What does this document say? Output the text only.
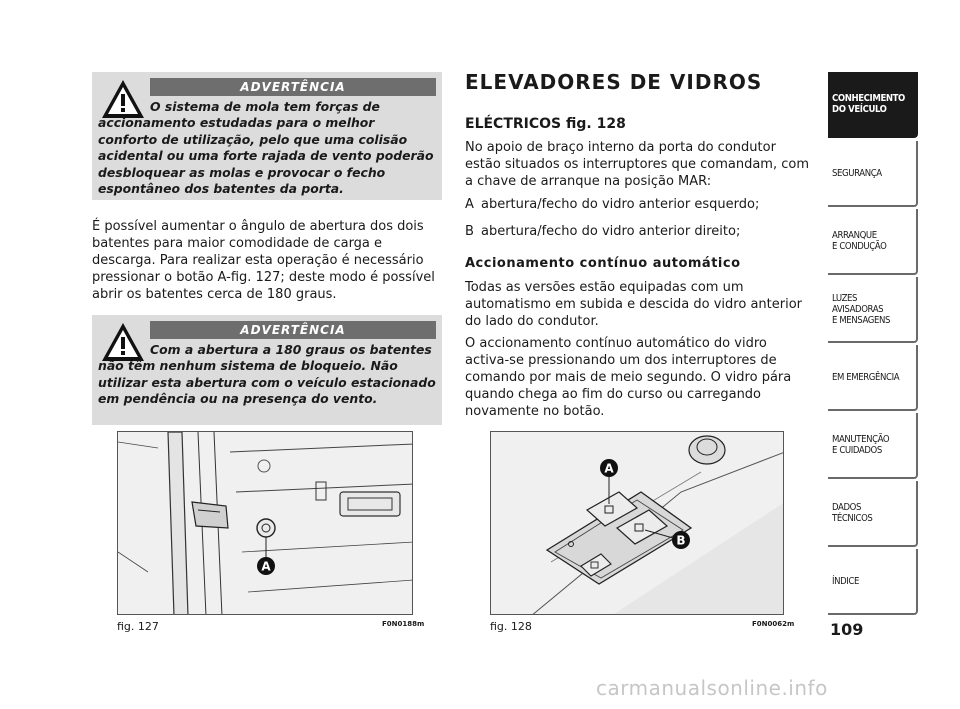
ADVERTÊNCIA
O sistema de mola tem forças de accionamento estudadas para o melhor conforto de utilização, pelo que uma colisão acidental ou uma forte rajada de vento poderão desbloquear as molas e provocar o fecho espontâneo dos batentes da porta.

É possível aumentar o ângulo de abertura dos dois batentes para maior comodidade de carga e descarga. Para realizar esta operação é necessário pressionar o botão A-fig. 127; deste modo é possível abrir os batentes cerca de 180 graus.

ADVERTÊNCIA
Com a abertura a 180 graus os batentes não têm nenhum sistema de bloqueio. Não utilizar esta abertura com o veículo estacionado em pendência ou na presença do vento.
A
fig. 127	F0N0188m
ELEVADORES DE VIDROS
ELÉCTRICOS fig. 128

No apoio de braço interno da porta do condutor estão situados os interruptores que comandam, com a chave de arranque na posição MAR:

A abertura/fecho do vidro anterior esquerdo;
B abertura/fecho do vidro anterior direito;
Accionamento contínuo automático

Todas as versões estão equipadas com um automatismo em subida e descida do vidro anterior do lado do condutor.

O accionamento contínuo automático do vidro activa-se pressionando um dos interruptores de comando por mais de meio segundo. O vidro pára quando chega ao fim do curso ou carregando novamente no botão.

A
B
fig. 128	F0N0062m
CONHECIMENTO
DO VEÍCULO
SEGURANÇA
ARRANQUE
E CONDUÇÃO
LUZES
AVISADORAS
E MENSAGENS
EM EMERGÊNCIA
MANUTENÇÃO
E CUIDADOS
DADOS
TÉCNICOS
ÍNDICE
109
carmanualsonline.info
